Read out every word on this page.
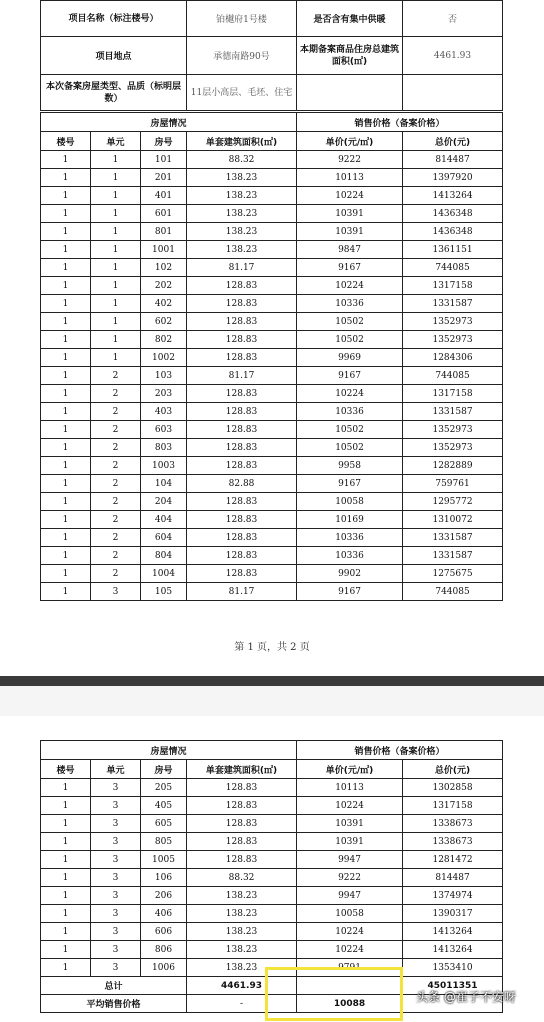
项目名称（标注楼号）	铂樾府1号楼	是否含有集中供暖	否
项目地点	承德南路90号	本期备案商品住房总建筑面积(㎡)	4461.93
本次备案房屋类型、品质（标明层数）	11层小高层、毛坯、住宅		
房屋情况				销售价格（备案价格）	
楼号	单元	房号	单套建筑面积(㎡)	单价(元/㎡)	总价(元)
1	1	101	88.32	9222	814487
1	1	201	138.23	10113	1397920
1	1	401	138.23	10224	1413264
1	1	601	138.23	10391	1436348
1	1	801	138.23	10391	1436348
1	1	1001	138.23	9847	1361151
1	1	102	81.17	9167	744085
1	1	202	128.83	10224	1317158
1	1	402	128.83	10336	1331587
1	1	602	128.83	10502	1352973
1	1	802	128.83	10502	1352973
1	1	1002	128.83	9969	1284306
1	2	103	81.17	9167	744085
1	2	203	128.83	10224	1317158
1	2	403	128.83	10336	1331587
1	2	603	128.83	10502	1352973
1	2	803	128.83	10502	1352973
1	2	1003	128.83	9958	1282889
1	2	104	82.88	9167	759761
1	2	204	128.83	10058	1295772
1	2	404	128.83	10169	1310072
1	2	604	128.83	10336	1331587
1	2	804	128.83	10336	1331587
1	2	1004	128.83	9902	1275675
1	3	105	81.17	9167	744085
第 1 页，共 2 页
房屋情况				销售价格（备案价格）	
楼号	单元	房号	单套建筑面积(㎡)	单价(元/㎡)	总价(元)
1	3	205	128.83	10113	1302858
1	3	405	128.83	10224	1317158
1	3	605	128.83	10391	1338673
1	3	805	128.83	10391	1338673
1	3	1005	128.83	9947	1281472
1	3	106	88.32	9222	814487
1	3	206	138.23	9947	1374974
1	3	406	138.23	10058	1390317
1	3	606	138.23	10224	1413264
1	3	806	138.23	10224	1413264
1	3	1006	138.23	9791	1353410
总计			4461.93		45011351
平均销售价格			-	10088		头条 @崔子不安呀
